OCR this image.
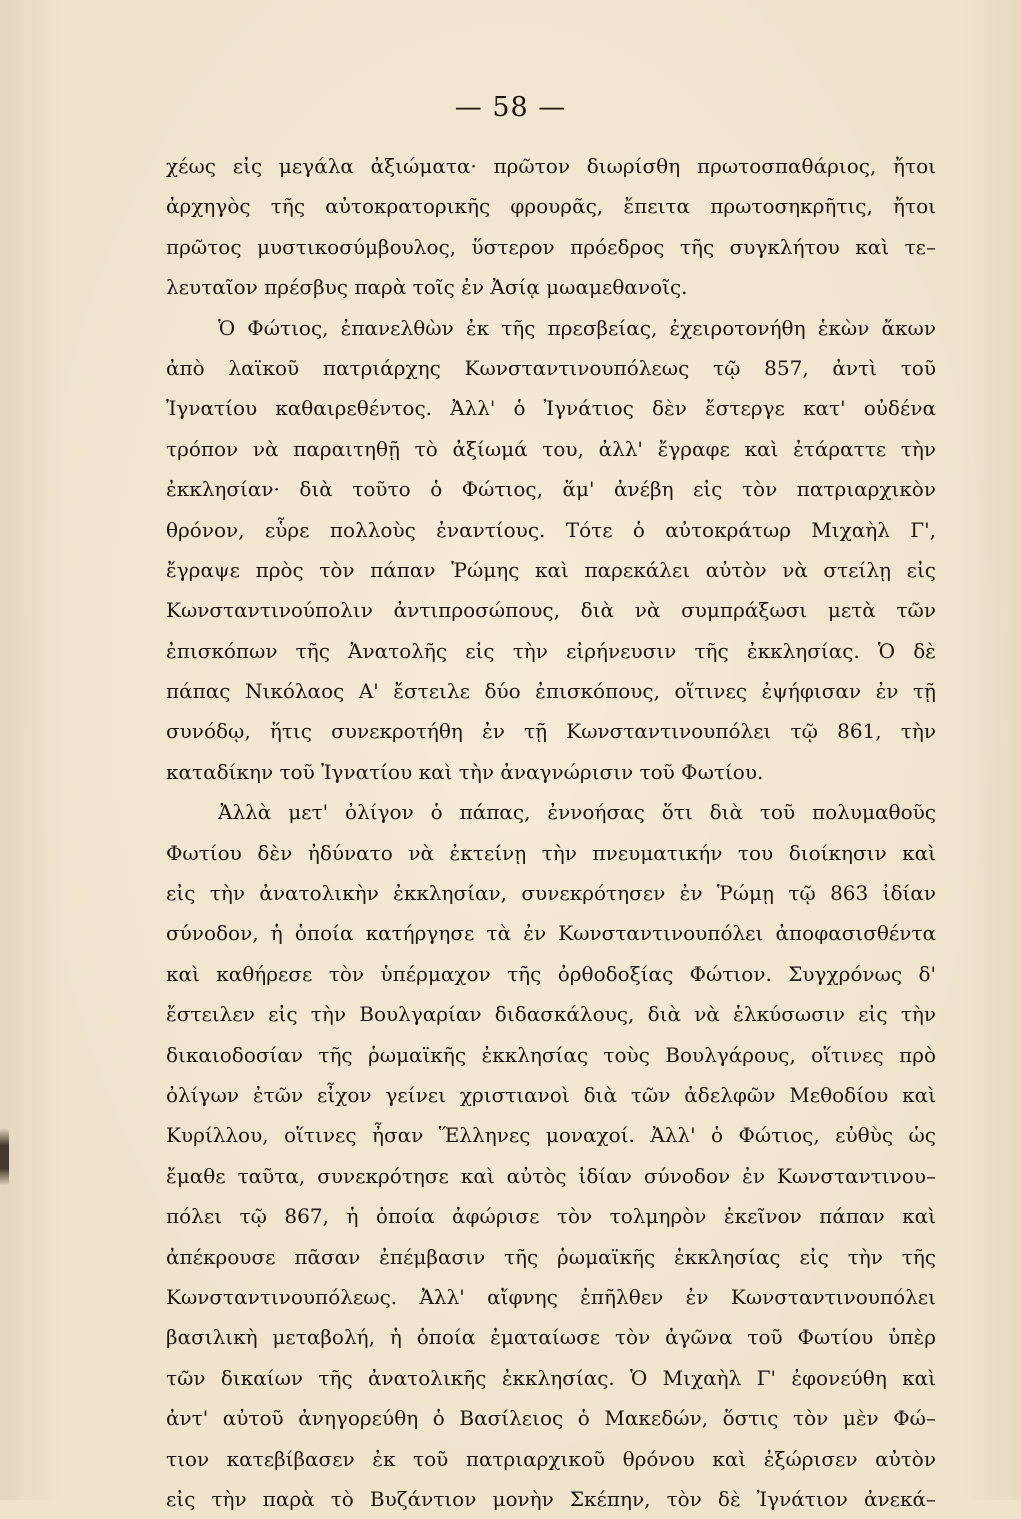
— 58 —
χέως εἰς μεγάλα ἀξιώματα· πρῶτον διωρίσθη πρωτοσπαθάριος, ἤτοι
ἀρχηγὸς τῆς αὐτοκρατορικῆς φρουρᾶς, ἔπειτα πρωτοσηκρῆτις, ἤτοι
πρῶτος μυστικοσύμβουλος, ὕστερον πρόεδρος τῆς συγκλήτου καὶ τε–
λευταῖον πρέσβυς παρὰ τοῖς ἐν Ἀσίᾳ μωαμεθανοῖς.
Ὁ Φώτιος, ἐπανελθὼν ἐκ τῆς πρεσβείας, ἐχειροτονήθη ἑκὼν ἄκων
ἀπὸ λαϊκοῦ πατριάρχης Κωνσταντινουπόλεως τῷ 857, ἀντὶ τοῦ
Ἰγνατίου καθαιρεθέντος. Ἀλλ' ὁ Ἰγνάτιος δὲν ἔστεργε κατ' οὐδένα
τρόπον νὰ παραιτηθῇ τὸ ἀξίωμά του, ἀλλ' ἔγραφε καὶ ἐτάραττε τὴν
ἐκκλησίαν· διὰ τοῦτο ὁ Φώτιος, ἅμ' ἀνέβη εἰς τὸν πατριαρχικὸν
θρόνον, εὗρε πολλοὺς ἐναντίους. Τότε ὁ αὐτοκράτωρ Μιχαὴλ Γ',
ἔγραψε πρὸς τὸν πάπαν Ῥώμης καὶ παρεκάλει αὐτὸν νὰ στείλῃ εἰς
Κωνσταντινούπολιν ἀντιπροσώπους, διὰ νὰ συμπράξωσι μετὰ τῶν
ἐπισκόπων τῆς Ἀνατολῆς εἰς τὴν εἰρήνευσιν τῆς ἐκκλησίας. Ὁ δὲ
πάπας Νικόλαος Α' ἔστειλε δύο ἐπισκόπους, οἵτινες ἐψήφισαν ἐν τῇ
συνόδῳ, ἥτις συνεκροτήθη ἐν τῇ Κωνσταντινουπόλει τῷ 861, τὴν
καταδίκην τοῦ Ἰγνατίου καὶ τὴν ἀναγνώρισιν τοῦ Φωτίου.
Ἀλλὰ μετ' ὀλίγον ὁ πάπας, ἐννοήσας ὅτι διὰ τοῦ πολυμαθοῦς
Φωτίου δὲν ἠδύνατο νὰ ἐκτείνῃ τὴν πνευματικήν του διοίκησιν καὶ
εἰς τὴν ἀνατολικὴν ἐκκλησίαν, συνεκρότησεν ἐν Ῥώμῃ τῷ 863 ἰδίαν
σύνοδον, ἡ ὁποία κατήργησε τὰ ἐν Κωνσταντινουπόλει ἀποφασισθέντα
καὶ καθήρεσε τὸν ὑπέρμαχον τῆς ὀρθοδοξίας Φώτιον. Συγχρόνως δ'
ἔστειλεν εἰς τὴν Βουλγαρίαν διδασκάλους, διὰ νὰ ἑλκύσωσιν εἰς τὴν
δικαιοδοσίαν τῆς ῥωμαϊκῆς ἐκκλησίας τοὺς Βουλγάρους, οἵτινες πρὸ
ὀλίγων ἐτῶν εἶχον γείνει χριστιανοὶ διὰ τῶν ἀδελφῶν Μεθοδίου καὶ
Κυρίλλου, οἵτινες ἦσαν Ἕλληνες μοναχοί. Ἀλλ' ὁ Φώτιος, εὐθὺς ὡς
ἔμαθε ταῦτα, συνεκρότησε καὶ αὐτὸς ἰδίαν σύνοδον ἐν Κωνσταντινου–
πόλει τῷ 867, ἡ ὁποία ἀφώρισε τὸν τολμηρὸν ἐκεῖνον πάπαν καὶ
ἀπέκρουσε πᾶσαν ἐπέμβασιν τῆς ῥωμαϊκῆς ἐκκλησίας εἰς τὴν τῆς
Κωνσταντινουπόλεως. Ἀλλ' αἴφνης ἐπῆλθεν ἐν Κωνσταντινουπόλει
βασιλικὴ μεταβολή, ἡ ὁποία ἐματαίωσε τὸν ἀγῶνα τοῦ Φωτίου ὑπὲρ
τῶν δικαίων τῆς ἀνατολικῆς ἐκκλησίας. Ὁ Μιχαὴλ Γ' ἐφονεύθη καὶ
ἀντ' αὐτοῦ ἀνηγορεύθη ὁ Βασίλειος ὁ Μακεδών, ὅστις τὸν μὲν Φώ–
τιον κατεβίβασεν ἐκ τοῦ πατριαρχικοῦ θρόνου καὶ ἐξώρισεν αὐτὸν
εἰς τὴν παρὰ τὸ Βυζάντιον μονὴν Σκέπην, τὸν δὲ Ἰγνάτιον ἀνεκά–
